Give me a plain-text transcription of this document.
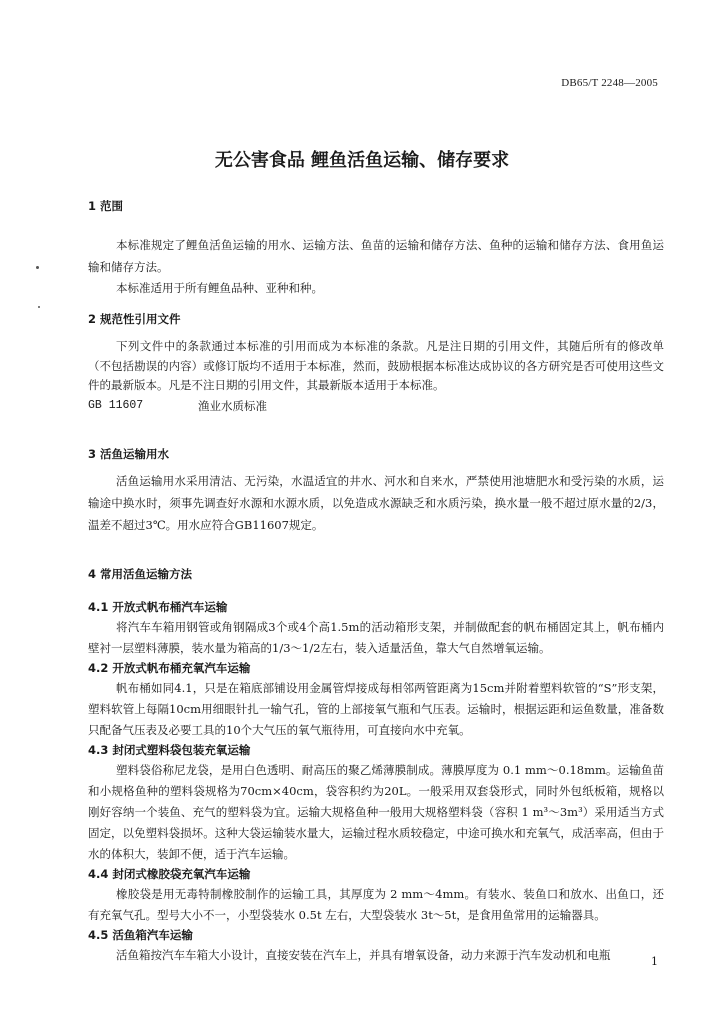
DB65/T 2248—2005
无公害食品 鲤鱼活鱼运输、储存要求
1 范围

本标准规定了鲤鱼活鱼运输的用水、运输方法、鱼苗的运输和储存方法、鱼种的运输和储存方法、食用鱼运输和储存方法。

本标准适用于所有鲤鱼品种、亚种和种。

2 规范性引用文件

下列文件中的条款通过本标准的引用而成为本标准的条款。凡是注日期的引用文件，其随后所有的修改单（不包括勘误的内容）或修订版均不适用于本标准，然而，鼓励根据本标准达成协议的各方研究是否可使用这些文件的最新版本。凡是不注日期的引用文件，其最新版本适用于本标准。

GB 11607	渔业水质标准
3 活鱼运输用水

活鱼运输用水采用清洁、无污染，水温适宜的井水、河水和自来水，严禁使用池塘肥水和受污染的水质，运输途中换水时，须事先调查好水源和水源水质，以免造成水源缺乏和水质污染，换水量一般不超过原水量的2/3，温差不超过3℃。用水应符合GB11607规定。

4 常用活鱼运输方法
4.1 开放式帆布桶汽车运输

将汽车车箱用钢管或角钢隔成3个或4个高1.5m的活动箱形支架，并制做配套的帆布桶固定其上，帆布桶内壁衬一层塑料薄膜，装水量为箱高的1/3～1/2左右，装入适量活鱼，靠大气自然增氧运输。

4.2 开放式帆布桶充氧汽车运输

帆布桶如同4.1，只是在箱底部铺设用金属管焊接成每相邻两管距离为15cm并附着塑料软管的“S”形支架，塑料软管上每隔10cm用细眼针扎一输气孔，管的上部接氧气瓶和气压表。运输时，根据运距和运鱼数量，准备数只配备气压表及必要工具的10个大气压的氧气瓶待用，可直接向水中充氧。

4.3 封闭式塑料袋包装充氧运输

塑料袋俗称尼龙袋，是用白色透明、耐高压的聚乙烯薄膜制成。薄膜厚度为 0.1 mm～0.18mm。运输鱼苗和小规格鱼种的塑料袋规格为70cm×40cm，袋容积约为20L。一般采用双套袋形式，同时外包纸板箱，规格以刚好容纳一个装鱼、充气的塑料袋为宜。运输大规格鱼种一般用大规格塑料袋（容积 1 m³～3m³）采用适当方式固定，以免塑料袋损坏。这种大袋运输装水量大，运输过程水质较稳定，中途可换水和充氧气，成活率高，但由于水的体积大，装卸不便，适于汽车运输。

4.4 封闭式橡胶袋充氧汽车运输

橡胶袋是用无毒特制橡胶制作的运输工具，其厚度为 2 mm～4mm。有装水、装鱼口和放水、出鱼口，还有充氧气孔。型号大小不一，小型袋装水 0.5t 左右，大型袋装水 3t～5t，是食用鱼常用的运输器具。

4.5 活鱼箱汽车运输

活鱼箱按汽车车箱大小设计，直接安装在汽车上，并具有增氧设备，动力来源于汽车发动机和电瓶	1
